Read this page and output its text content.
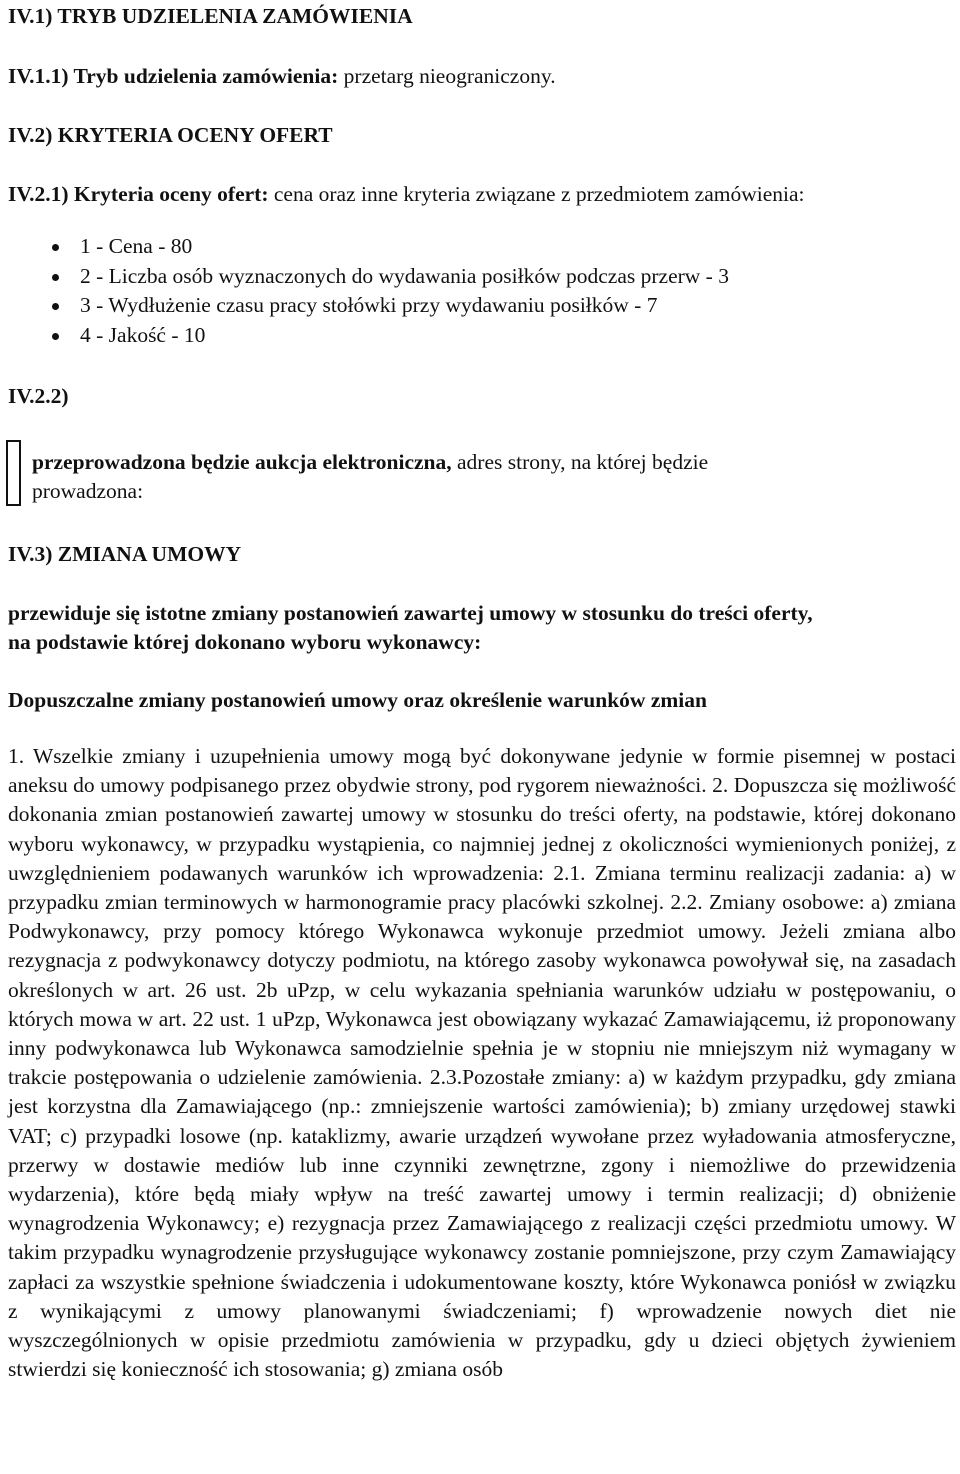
IV.1) TRYB UDZIELENIA ZAMÓWIENIA
IV.1.1) Tryb udzielenia zamówienia: przetarg nieograniczony.
IV.2) KRYTERIA OCENY OFERT
IV.2.1) Kryteria oceny ofert: cena oraz inne kryteria związane z przedmiotem zamówienia:
1 - Cena - 80
2 - Liczba osób wyznaczonych do wydawania posiłków podczas przerw - 3
3 - Wydłużenie czasu pracy stołówki przy wydawaniu posiłków - 7
4 - Jakość - 10
IV.2.2)
przeprowadzona będzie aukcja elektroniczna, adres strony, na której będzie
prowadzona:
IV.3) ZMIANA UMOWY
przewiduje się istotne zmiany postanowień zawartej umowy w stosunku do treści oferty,
na podstawie której dokonano wyboru wykonawcy:
Dopuszczalne zmiany postanowień umowy oraz określenie warunków zmian
1. Wszelkie zmiany i uzupełnienia umowy mogą być dokonywane jedynie w formie pisemnej w postaci aneksu do umowy podpisanego przez obydwie strony, pod rygorem nieważności. 2. Dopuszcza się możliwość dokonania zmian postanowień zawartej umowy w stosunku do treści oferty, na podstawie, której dokonano wyboru wykonawcy, w przypadku wystąpienia, co najmniej jednej z okoliczności wymienionych poniżej, z uwzględnieniem podawanych warunków ich wprowadzenia: 2.1. Zmiana terminu realizacji zadania: a) w przypadku zmian terminowych w harmonogramie pracy placówki szkolnej. 2.2. Zmiany osobowe: a) zmiana Podwykonawcy, przy pomocy którego Wykonawca wykonuje przedmiot umowy. Jeżeli zmiana albo rezygnacja z podwykonawcy dotyczy podmiotu, na którego zasoby wykonawca powoływał się, na zasadach określonych w art. 26 ust. 2b uPzp, w celu wykazania spełniania warunków udziału w postępowaniu, o których mowa w art. 22 ust. 1 uPzp, Wykonawca jest obowiązany wykazać Zamawiającemu, iż proponowany inny podwykonawca lub Wykonawca samodzielnie spełnia je w stopniu nie mniejszym niż wymagany w trakcie postępowania o udzielenie zamówienia. 2.3.Pozostałe zmiany: a) w każdym przypadku, gdy zmiana jest korzystna dla Zamawiającego (np.: zmniejszenie wartości zamówienia); b) zmiany urzędowej stawki VAT; c) przypadki losowe (np. kataklizmy, awarie urządzeń wywołane przez wyładowania atmosferyczne, przerwy w dostawie mediów lub inne czynniki zewnętrzne, zgony i niemożliwe do przewidzenia wydarzenia), które będą miały wpływ na treść zawartej umowy i termin realizacji; d) obniżenie wynagrodzenia Wykonawcy; e) rezygnacja przez Zamawiającego z realizacji części przedmiotu umowy. W takim przypadku wynagrodzenie przysługujące wykonawcy zostanie pomniejszone, przy czym Zamawiający zapłaci za wszystkie spełnione świadczenia i udokumentowane koszty, które Wykonawca poniósł w związku z wynikającymi z umowy planowanymi świadczeniami; f) wprowadzenie nowych diet nie wyszczególnionych w opisie przedmiotu zamówienia w przypadku, gdy u dzieci objętych żywieniem stwierdzi się konieczność ich stosowania; g) zmiana osób
